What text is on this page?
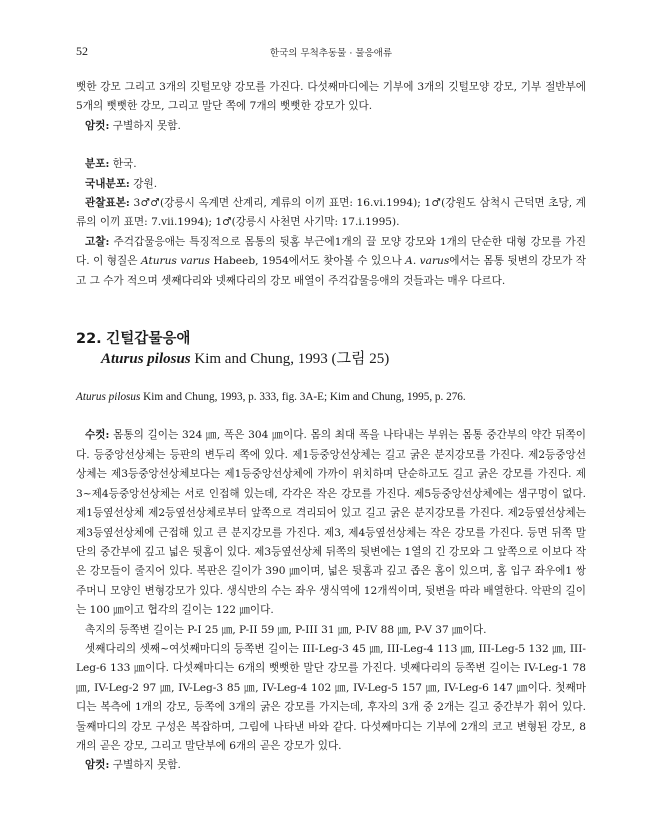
52	한국의 무척추동물 · 물응애류

뻣한 강모 그리고 3개의 깃털모양 강모를 가진다. 다섯째마디에는 기부에 3개의 깃털모양 강모, 기부 절반부에 5개의 뻣뻣한 강모, 그리고 말단 쪽에 7개의 뻣뻣한 강모가 있다.

암컷: 구별하지 못함.

분포: 한국.

국내분포: 강원.

관찰표본: 3♂♂(강릉시 옥계면 산계리, 계류의 이끼 표면: 16.vi.1994); 1♂(강원도 삼척시 근덕면 초당, 계류의 이끼 표면: 7.vii.1994); 1♂(강릉시 사천면 사기막: 17.i.1995).

고찰: 주걱갑물응애는 특징적으로 몸통의 뒷홈 부근에1개의 끌 모양 강모와 1개의 단순한 대형 강모를 가진다. 이 형질은 Aturus varus Habeeb, 1954에서도 찾아볼 수 있으나 A. varus에서는 몸통 뒷변의 강모가 작고 그 수가 적으며 셋째다리와 넷째다리의 강모 배열이 주걱갑물응애의 것들과는 매우 다르다.

22. 긴털갑물응애
Aturus pilosus Kim and Chung, 1993 (그림 25)

Aturus pilosus Kim and Chung, 1993, p. 333, fig. 3A-E; Kim and Chung, 1995, p. 276.

수컷: 몸통의 길이는 324 ㎛, 폭은 304 ㎛이다. 몸의 최대 폭을 나타내는 부위는 몸통 중간부의 약간 뒤쪽이다. 등중앙선상체는 등판의 변두리 쪽에 있다. 제1등중앙선상체는 길고 굵은 분지강모를 가진다. 제2등중앙선상체는 제3등중앙선상체보다는 제1등중앙선상체에 가까이 위치하며 단순하고도 길고 굵은 강모를 가진다. 제3~제4등중앙선상체는 서로 인접해 있는데, 각각은 작은 강모를 가진다. 제5등중앙선상체에는 샘구멍이 없다. 제1등옆선상체 제2등옆선상체로부터 앞쪽으로 격리되어 있고 길고 굵은 분지강모를 가진다. 제2등옆선상체는 제3등옆선상체에 근접해 있고 큰 분지강모를 가진다. 제3, 제4등옆선상체는 작은 강모를 가진다. 등면 뒤쪽 말단의 중간부에 깊고 넓은 뒷홈이 있다. 제3등옆선상체 뒤쪽의 뒷변에는 1열의 긴 강모와 그 앞쪽으로 이보다 작은 강모들이 줄지어 있다. 복판은 길이가 390 ㎛이며, 넓은 뒷홈과 깊고 좁은 홈이 있으며, 홈 입구 좌우에1 쌍 주머니 모양인 변형강모가 있다. 생식반의 수는 좌우 생식역에 12개씩이며, 뒷변을 따라 배열한다. 악판의 길이는 100 ㎛이고 협각의 길이는 122 ㎛이다.

촉지의 등쪽변 길이는 P-I 25 ㎛, P-II 59 ㎛, P-III 31 ㎛, P-IV 88 ㎛, P-V 37 ㎛이다.

셋째다리의 셋째~여섯째마디의 등쪽변 길이는 III-Leg-3 45 ㎛, III-Leg-4 113 ㎛, III-Leg-5 132 ㎛, III-Leg-6 133 ㎛이다. 다섯째마디는 6개의 뻣뻣한 말단 강모를 가진다. 넷째다리의 등쪽변 길이는 IV-Leg-1 78 ㎛, IV-Leg-2 97 ㎛, IV-Leg-3 85 ㎛, IV-Leg-4 102 ㎛, IV-Leg-5 157 ㎛, IV-Leg-6 147 ㎛이다. 첫째마디는 복측에 1개의 강모, 등쪽에 3개의 굵은 강모를 가지는데, 후자의 3개 중 2개는 길고 중간부가 휘어 있다. 둘째마디의 강모 구성은 복잡하며, 그림에 나타낸 바와 같다. 다섯째마디는 기부에 2개의 코고 변형된 강모, 8개의 곧은 강모, 그리고 말단부에 6개의 곧은 강모가 있다.

암컷: 구별하지 못함.
